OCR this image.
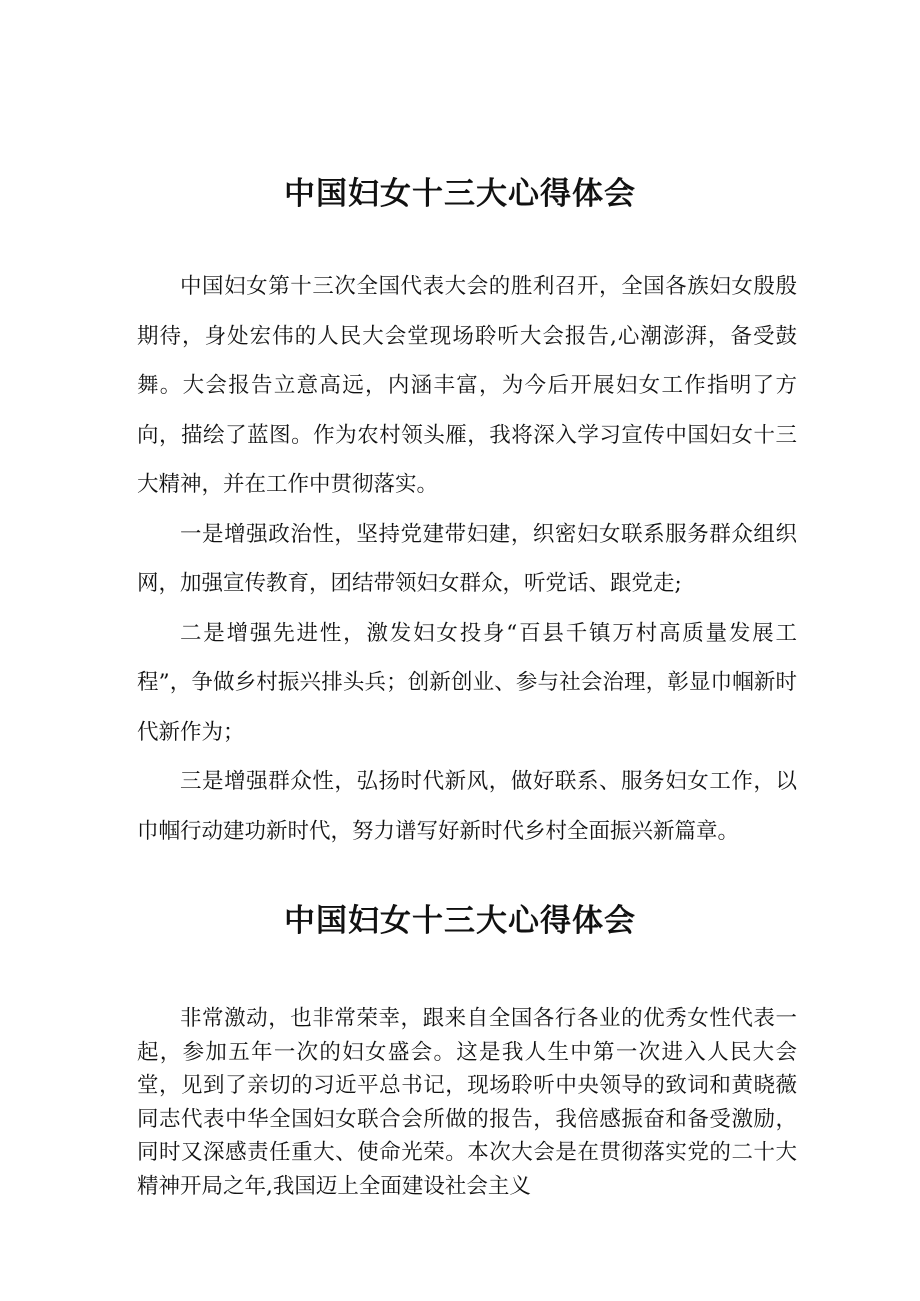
中国妇女十三大心得体会

中国妇女第十三次全国代表大会的胜利召开，全国各族妇女殷殷期待，身处宏伟的人民大会堂现场聆听大会报告,心潮澎湃，备受鼓舞。大会报告立意高远，内涵丰富，为今后开展妇女工作指明了方向，描绘了蓝图。作为农村领头雁，我将深入学习宣传中国妇女十三大精神，并在工作中贯彻落实。

一是增强政治性，坚持党建带妇建，织密妇女联系服务群众组织网，加强宣传教育，团结带领妇女群众，听党话、跟党走;

二是增强先进性，激发妇女投身“百县千镇万村高质量发展工程”，争做乡村振兴排头兵；创新创业、参与社会治理，彰显巾帼新时代新作为；

三是增强群众性，弘扬时代新风，做好联系、服务妇女工作，以巾帼行动建功新时代，努力谱写好新时代乡村全面振兴新篇章。

中国妇女十三大心得体会

非常激动，也非常荣幸，跟来自全国各行各业的优秀女性代表一起，参加五年一次的妇女盛会。这是我人生中第一次进入人民大会堂，见到了亲切的习近平总书记，现场聆听中央领导的致词和黄晓薇同志代表中华全国妇女联合会所做的报告，我倍感振奋和备受激励，同时又深感责任重大、使命光荣。本次大会是在贯彻落实党的二十大精神开局之年,我国迈上全面建设社会主义
